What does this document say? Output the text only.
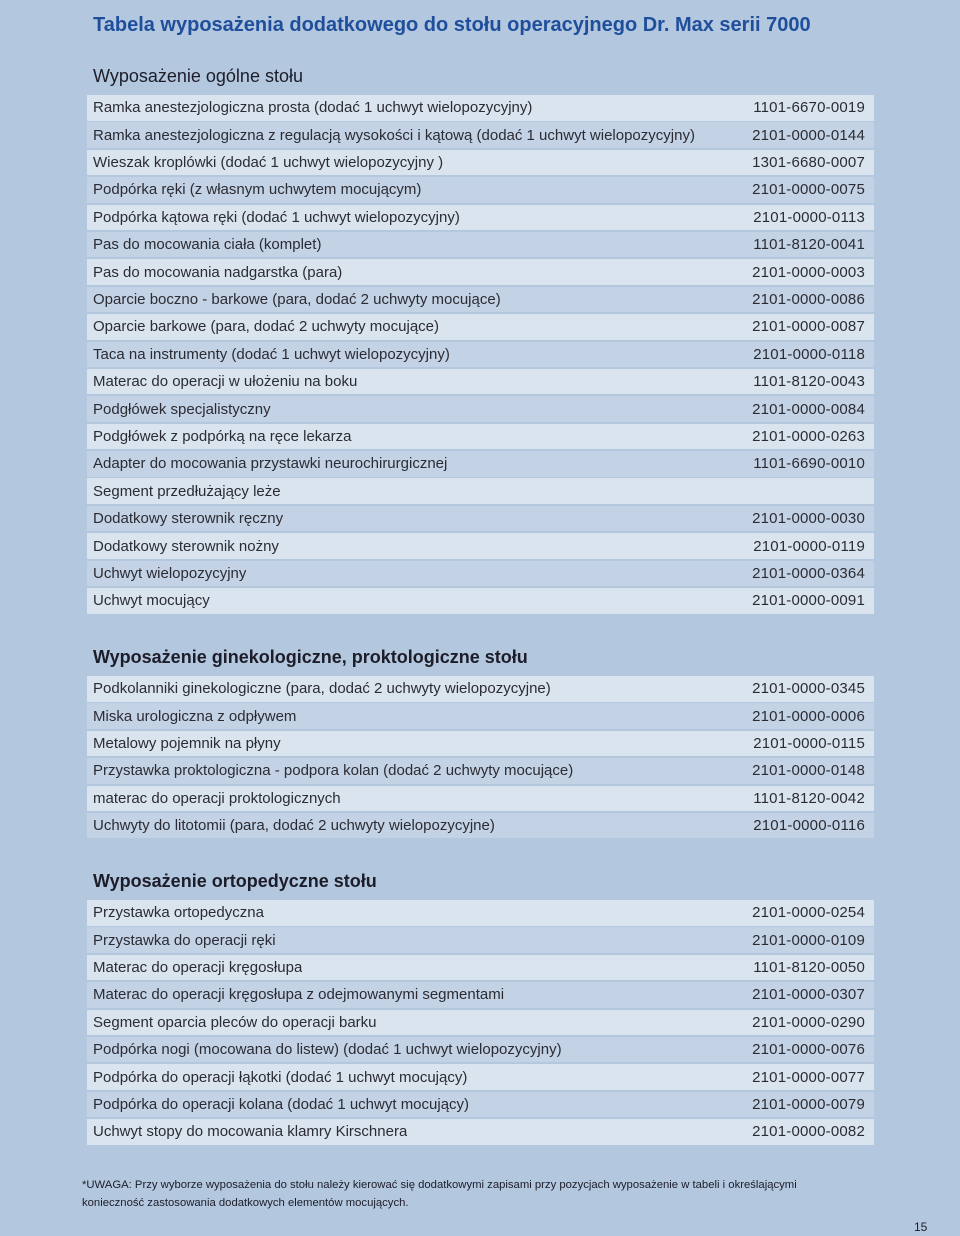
Tabela wyposażenia dodatkowego do stołu operacyjnego Dr. Max serii 7000
Wyposażenie ogólne stołu
Ramka anestezjologiczna prosta (dodać 1 uchwyt wielopozycyjny)	1101-6670-0019
Ramka anestezjologiczna z regulacją wysokości i kątową (dodać 1 uchwyt wielopozycyjny)	2101-0000-0144
Wieszak kroplówki (dodać 1 uchwyt wielopozycyjny )	1301-6680-0007
Podpórka ręki (z własnym uchwytem mocującym)	2101-0000-0075
Podpórka kątowa ręki (dodać 1 uchwyt wielopozycyjny)	2101-0000-0113
Pas do mocowania ciała (komplet)	1101-8120-0041
Pas do mocowania nadgarstka (para)	2101-0000-0003
Oparcie boczno - barkowe (para, dodać 2 uchwyty mocujące)	2101-0000-0086
Oparcie barkowe (para, dodać 2 uchwyty mocujące)	2101-0000-0087
Taca na instrumenty (dodać 1 uchwyt wielopozycyjny)	2101-0000-0118
Materac do operacji w ułożeniu na boku	1101-8120-0043
Podgłówek specjalistyczny	2101-0000-0084
Podgłówek z podpórką na ręce lekarza	2101-0000-0263
Adapter do mocowania przystawki neurochirurgicznej	1101-6690-0010
Segment przedłużający leże
Dodatkowy sterownik ręczny	2101-0000-0030
Dodatkowy sterownik nożny	2101-0000-0119
Uchwyt wielopozycyjny	2101-0000-0364
Uchwyt mocujący	2101-0000-0091
Wyposażenie ginekologiczne, proktologiczne stołu
Podkolanniki ginekologiczne (para, dodać 2 uchwyty wielopozycyjne)	2101-0000-0345
Miska urologiczna z odpływem	2101-0000-0006
Metalowy pojemnik na płyny	2101-0000-0115
Przystawka proktologiczna - podpora kolan (dodać 2 uchwyty mocujące)	2101-0000-0148
materac do operacji proktologicznych	1101-8120-0042
Uchwyty do litotomii (para, dodać 2 uchwyty wielopozycyjne)	2101-0000-0116
Wyposażenie ortopedyczne stołu
Przystawka ortopedyczna	2101-0000-0254
Przystawka do operacji ręki	2101-0000-0109
Materac do operacji kręgosłupa	1101-8120-0050
Materac do operacji kręgosłupa z odejmowanymi segmentami	2101-0000-0307
Segment oparcia pleców do operacji barku	2101-0000-0290
Podpórka nogi (mocowana do listew) (dodać 1 uchwyt wielopozycyjny)	2101-0000-0076
Podpórka do operacji łąkotki (dodać 1 uchwyt mocujący)	2101-0000-0077
Podpórka do operacji kolana (dodać 1 uchwyt mocujący)	2101-0000-0079
Uchwyt stopy do mocowania klamry Kirschnera	2101-0000-0082
*UWAGA: Przy wyborze wyposażenia do stołu należy kierować się dodatkowymi zapisami przy pozycjach wyposażenie w tabeli i określającymi konieczność zastosowania dodatkowych elementów mocujących.
15
